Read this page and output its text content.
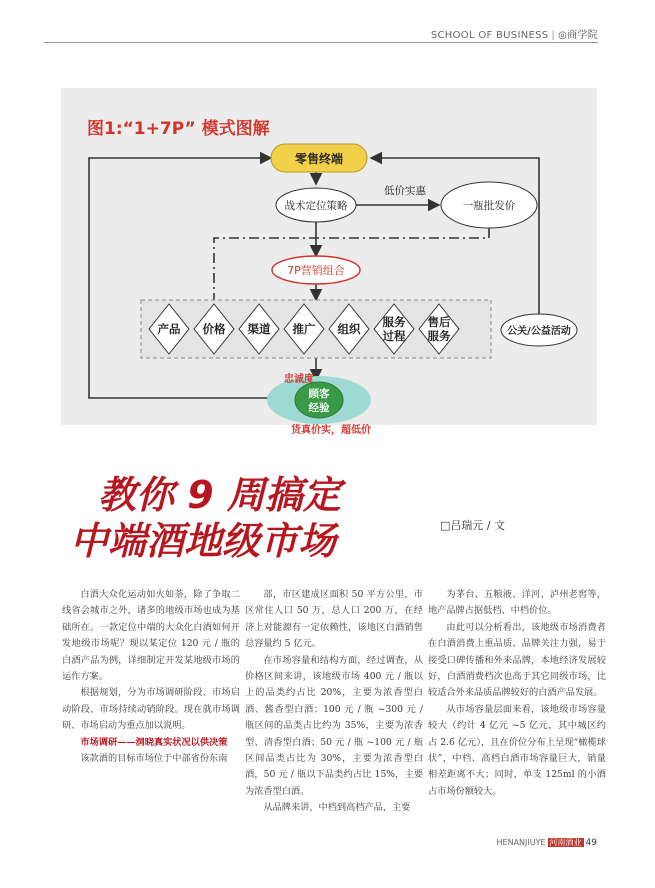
SCHOOL OF BUSINESS | ◎商学院
图1:“1+7P” 模式图解
零售终端
战术定位策略
低价实惠
一瓶批发价
7P营销组合
产品 价格 渠道 推广 组织 服务
过程
售后
服务	公关/公益活动
顾客
经验
忠诚度
货真价实，超低价
教你 9 周搞定
中端酒地级市场	□吕瑞元 / 文

白酒大众化运动如火如荼，除了争取二线省会城市之外，诸多的地级市场也成为基础所在。一款定位中端的大众化白酒如何开发地级市场呢？现以某定位 120 元 / 瓶的白酒产品为例，详细制定开发某地级市场的运作方案。

根据规划，分为市场调研阶段、市场启动阶段、市场持续动销阶段。现在就市场调研、市场启动为重点加以说明。

市场调研——洞晓真实状况以供决策

该款酒的目标市场位于中部省份东南

部，市区建成区面积 50 平方公里，市区常住人口 50 万，总人口 200 万，在经济上对能源有一定依赖性，该地区白酒销售总容量约 5 亿元。

在市场容量和结构方面，经过调查，从价格区间来讲，该地级市场 400 元 / 瓶以上的品类约占比 20%，主要为浓香型白酒、酱香型白酒；100 元 / 瓶 ~300 元 / 瓶区间的品类占比约为 35%，主要为浓香型、清香型白酒；50 元 / 瓶 ~100 元 / 瓶区间品类占比为 30%，主要为浓香型白酒，50 元 / 瓶以下品类约占比 15%，主要为浓香型白酒。

从品牌来讲，中档到高档产品，主要

为茅台、五粮液、洋河、泸州老窖等，地产品牌占据低档、中档价位。

由此可以分析看出，该地级市场消费者在白酒消费上重品质、品牌关注力强，易于接受口碑传播和外来品牌，本地经济发展较好，白酒消费档次也高于其它同级市场，比较适合外来品质品牌较好的白酒产品发展。

从市场容量层面来看，该地级市场容量较大（约计 4 亿元 ~5 亿元，其中城区约占 2.6 亿元），且在价位分布上呈现“橄榄球状”，中档、高档白酒市场容量巨大，销量相差距离不大；同时，单支 125ml 的小酒占市场份额较大。

HENANJIUYE 河南酒业 49
